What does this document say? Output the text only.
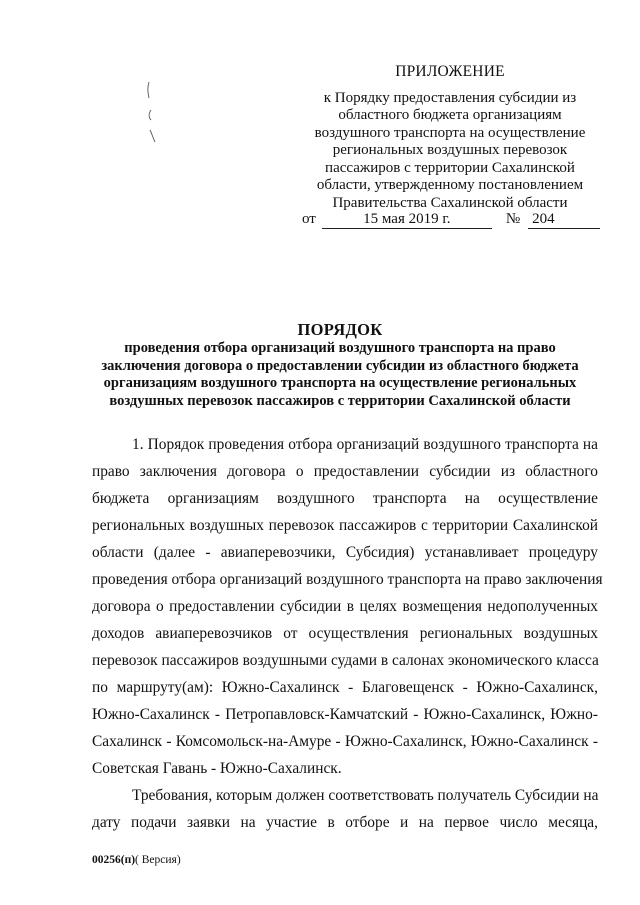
ПРИЛОЖЕНИЕ
к Порядку предоставления субсидии из
областного бюджета организациям
воздушного транспорта на осуществление
региональных воздушных перевозок
пассажиров с территории Сахалинской
области, утвержденному постановлением
Правительства Сахалинской области
от	15 мая 2019 г.	№ 204
ПОРЯДОК
проведения отбора организаций воздушного транспорта на право
заключения договора о предоставлении субсидии из областного бюджета
организациям воздушного транспорта на осуществление региональных
воздушных перевозок пассажиров с территории Сахалинской области
1. Порядок проведения отбора организаций воздушного транспорта на
право заключения договора о предоставлении субсидии из областного
бюджета организациям воздушного транспорта на осуществление
региональных воздушных перевозок пассажиров с территории Сахалинской
области (далее - авиаперевозчики, Субсидия) устанавливает процедуру
проведения отбора организаций воздушного транспорта на право заключения
договора о предоставлении субсидии в целях возмещения недополученных
доходов авиаперевозчиков от осуществления региональных воздушных
перевозок пассажиров воздушными судами в салонах экономического класса
по маршруту(ам): Южно-Сахалинск - Благовещенск - Южно-Сахалинск,
Южно-Сахалинск - Петропавловск-Камчатский - Южно-Сахалинск, Южно-
Сахалинск - Комсомольск-на-Амуре - Южно-Сахалинск, Южно-Сахалинск -
Советская Гавань - Южно-Сахалинск.
Требования, которым должен соответствовать получатель Субсидии на
дату подачи заявки на участие в отборе и на первое число месяца,
00256(п)( Версия)
